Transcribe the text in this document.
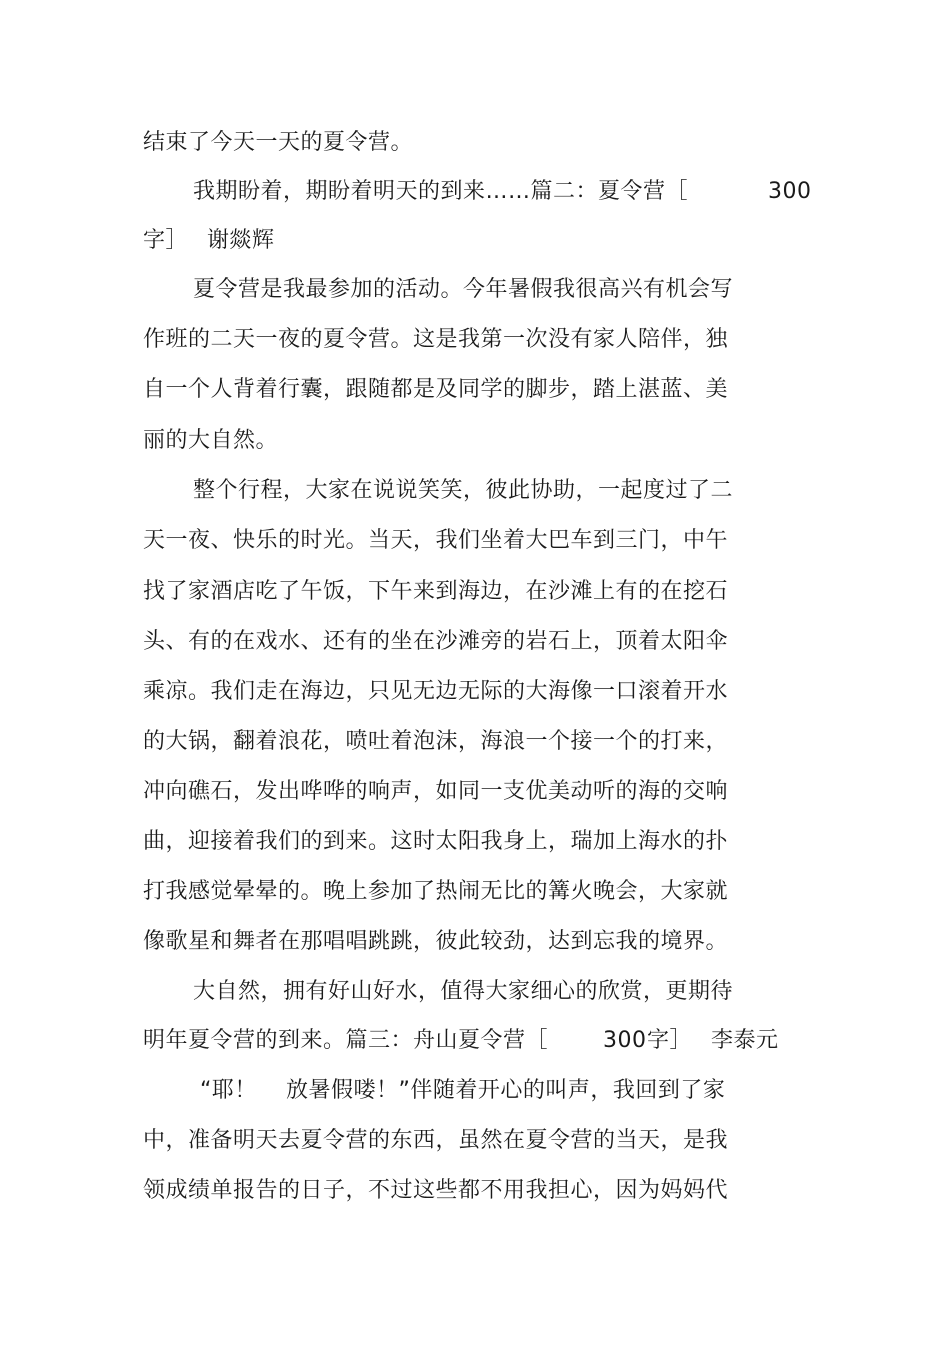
结束了今天一天的夏令营。
我期盼着，期盼着明天的到来……篇二：夏令营［	300
字］ 谢燚辉
夏令营是我最参加的活动。今年暑假我很高兴有机会写
作班的二天一夜的夏令营。这是我第一次没有家人陪伴，独
自一个人背着行囊，跟随都是及同学的脚步，踏上湛蓝、美
丽的大自然。
整个行程，大家在说说笑笑，彼此协助，一起度过了二
天一夜、快乐的时光。当天，我们坐着大巴车到三门，中午
找了家酒店吃了午饭，下午来到海边，在沙滩上有的在挖石
头、有的在戏水、还有的坐在沙滩旁的岩石上，顶着太阳伞
乘凉。我们走在海边，只见无边无际的大海像一口滚着开水
的大锅，翻着浪花，喷吐着泡沫，海浪一个接一个的打来，
冲向礁石，发出哗哗的响声，如同一支优美动听的海的交响
曲，迎接着我们的到来。这时太阳我身上，瑞加上海水的扑
打我感觉晕晕的。晚上参加了热闹无比的篝火晚会，大家就
像歌星和舞者在那唱唱跳跳，彼此较劲，达到忘我的境界。
大自然，拥有好山好水，值得大家细心的欣赏，更期待
明年夏令营的到来。篇三：舟山夏令营［ 300 字］ 李泰元
“耶！ 放暑假喽！”伴随着开心的叫声，我回到了家
中，准备明天去夏令营的东西，虽然在夏令营的当天，是我
领成绩单报告的日子，不过这些都不用我担心，因为妈妈代
